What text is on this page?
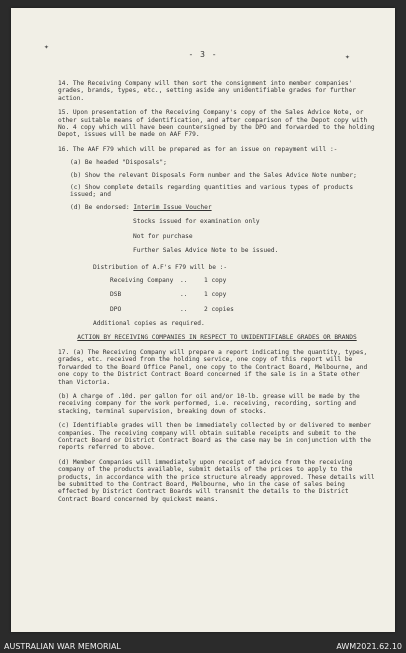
✦
✦
- 3 -
14. The Receiving Company will then sort the consignment into member companies' grades, brands, types, etc., setting aside any unidentifiable grades for further action.
15. Upon presentation of the Receiving Company's copy of the Sales Advice Note, or other suitable means of identification, and after comparison of the Depot copy with No. 4 copy which will have been countersigned by the DPO and forwarded to the holding Depot, issues will be made on AAF F79.
16. The AAF F79 which will be prepared as for an issue on repayment will :-
(a) Be headed "Disposals";
(b) Show the relevant Disposals Form number and the Sales Advice Note number;
(c) Show complete details regarding quantities and various types of products issued; and
(d) Be endorsed: Interim Issue Voucher
Stocks issued for examination only
Not for purchase
Further Sales Advice Note to be issued.
Distribution of A.F's F79 will be :-
Receiving Company	..	1 copy
DSB	..	1 copy
DPO	..	2 copies
Additional copies as required.
ACTION BY RECEIVING COMPANIES IN RESPECT TO UNIDENTIFIABLE GRADES OR BRANDS
17. (a) The Receiving Company will prepare a report indicating the quantity, types, grades, etc. received from the holding service, one copy of this report will be forwarded to the Board Office Panel, one copy to the Contract Board, Melbourne, and one copy to the District Contract Board concerned if the sale is in a State other than Victoria.
(b) A charge of .10d. per gallon for oil and/or 10-lb. grease will be made by the receiving company for the work performed, i.e. receiving, recording, sorting and stacking, terminal supervision, breaking down of stocks.
(c) Identifiable grades will then be immediately collected by or delivered to member companies. The receiving company will obtain suitable receipts and submit to the Contract Board or District Contract Board as the case may be in conjunction with the reports referred to above.
(d) Member Companies will immediately upon receipt of advice from the receiving company of the products available, submit details of the prices to apply to the products, in accordance with the price structure already approved. These details will be submitted to the Contract Board, Melbourne, who in the case of sales being effected by District Contract Boards will transmit the details to the District Contract Board concerned by quickest means.
AUSTRALIAN WAR MEMORIAL	AWM2021.62.10
